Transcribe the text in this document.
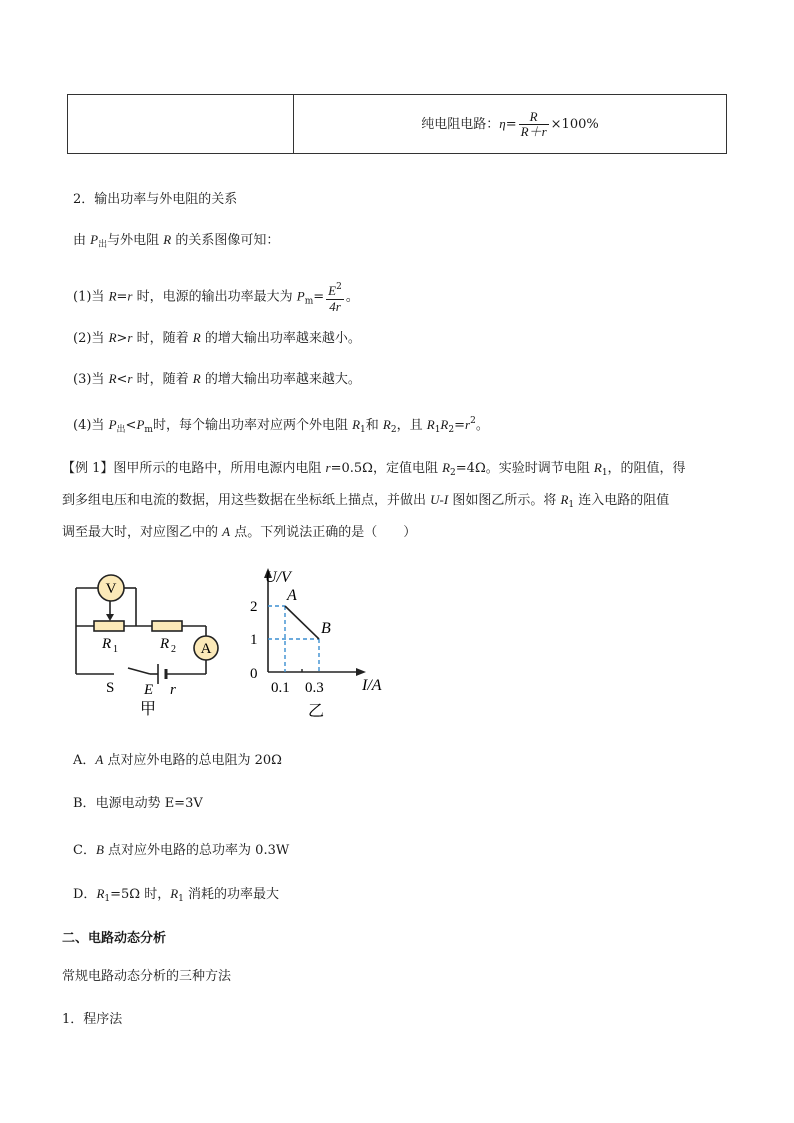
	纯电阻电路：$\eta= \frac{R}{R+r} \times 100\%$
2．输出功率与外电阻的关系
由 $P_出$与外电阻 R 的关系图像可知：
(1)当 R=r 时，电源的输出功率最大为 $P_m= \frac{E^2}{4r}$ 。
(2)当 R>r 时，随着 R 的增大输出功率越来越小。
(3)当 R<r 时，随着 R 的增大输出功率越来越大。
(4)当 $P_出<P_m$时，每个输出功率对应两个外电阻 $R_1$和 $R_2$，且 $R_1R_2=r^2$。
【例 1】图甲所示的电路中，所用电源内电阻 r=0.5Ω，定值电阻 $R_2=4\Omega$。实验时调节电阻 $R_1$，的阻值，得
到多组电压和电流的数据，用这些数据在坐标纸上描点，并做出 U-I 图如图乙所示。将 $R_1$ 连入电路的阻值
调至最大时，对应图乙中的 A 点。下列说法正确的是（　　）
V
R 1	R 2 A
S E r
甲
U/V
I/A
0
2
1
0.1 0.3
A
B
乙
A．A 点对应外电路的总电阻为 20Ω
B．电源电动势 E=3V
C．B 点对应外电路的总功率为 0.3W
D．$R_1=5\Omega$ 时，$R_1$ 消耗的功率最大
二、电路动态分析
常规电路动态分析的三种方法
1．程序法
